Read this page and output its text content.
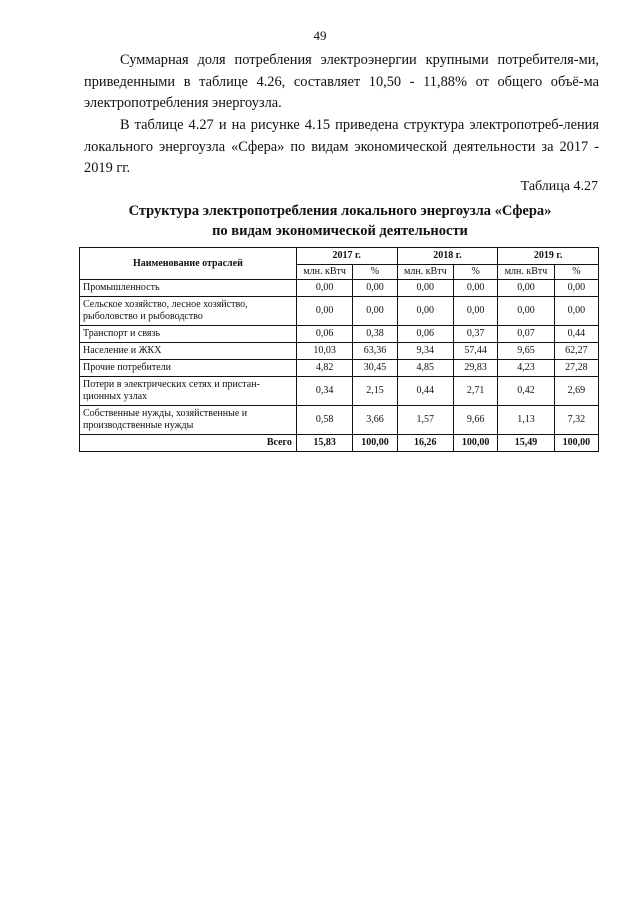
49

Суммарная доля потребления электроэнергии крупными потребителя-ми, приведенными в таблице 4.26, составляет 10,50 - 11,88% от общего объё-ма электропотребления энергоузла.

В таблице 4.27 и на рисунке 4.15 приведена структура электропотреб-ления локального энергоузла «Сфера» по видам экономической деятельности за 2017 - 2019 гг.

Таблица 4.27
Структура электропотребления локального энергоузла «Сфера»
по видам экономической деятельности
Наименование отраслей	2017 г.		2018 г.		2019 г.	
	млн. кВтч	%	млн. кВтч	%	млн. кВтч	%
Промышленность	0,00	0,00	0,00	0,00	0,00	0,00
Сельское хозяйство, лесное хозяйство, рыболовство и рыбоводство	0,00	0,00	0,00	0,00	0,00	0,00
Транспорт и связь	0,06	0,38	0,06	0,37	0,07	0,44
Население и ЖКХ	10,03	63,36	9,34	57,44	9,65	62,27
Прочие потребители	4,82	30,45	4,85	29,83	4,23	27,28
Потери в электрических сетях и пристан-ционных узлах	0,34	2,15	0,44	2,71	0,42	2,69
Собственные нужды, хозяйственные и производственные нужды	0,58	3,66	1,57	9,66	1,13	7,32
Всего	15,83	100,00	16,26	100,00	15,49	100,00
